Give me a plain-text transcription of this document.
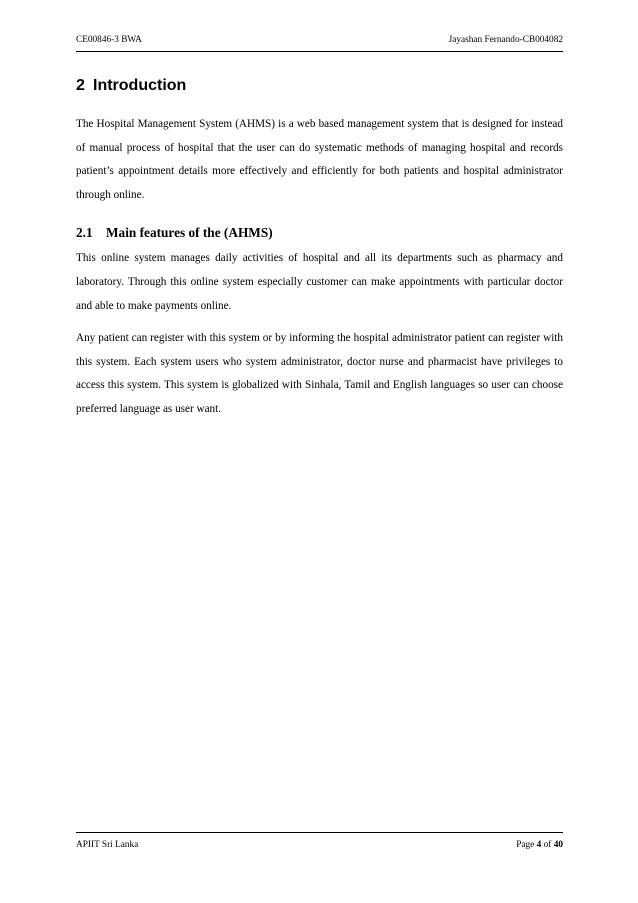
CE00846-3 BWA	Jayashan Fernando-CB004082
2 Introduction

The Hospital Management System (AHMS) is a web based management system that is designed for instead of manual process of hospital that the user can do systematic methods of managing hospital and records patient’s appointment details more effectively and efficiently for both patients and hospital administrator through online.

2.1 Main features of the (AHMS)

This online system manages daily activities of hospital and all its departments such as pharmacy and laboratory. Through this online system especially customer can make appointments with particular doctor and able to make payments online.

Any patient can register with this system or by informing the hospital administrator patient can register with this system. Each system users who system administrator, doctor nurse and pharmacist have privileges to access this system. This system is globalized with Sinhala, Tamil and English languages so user can choose preferred language as user want.

APIIT Sri Lanka	Page 4 of 40
